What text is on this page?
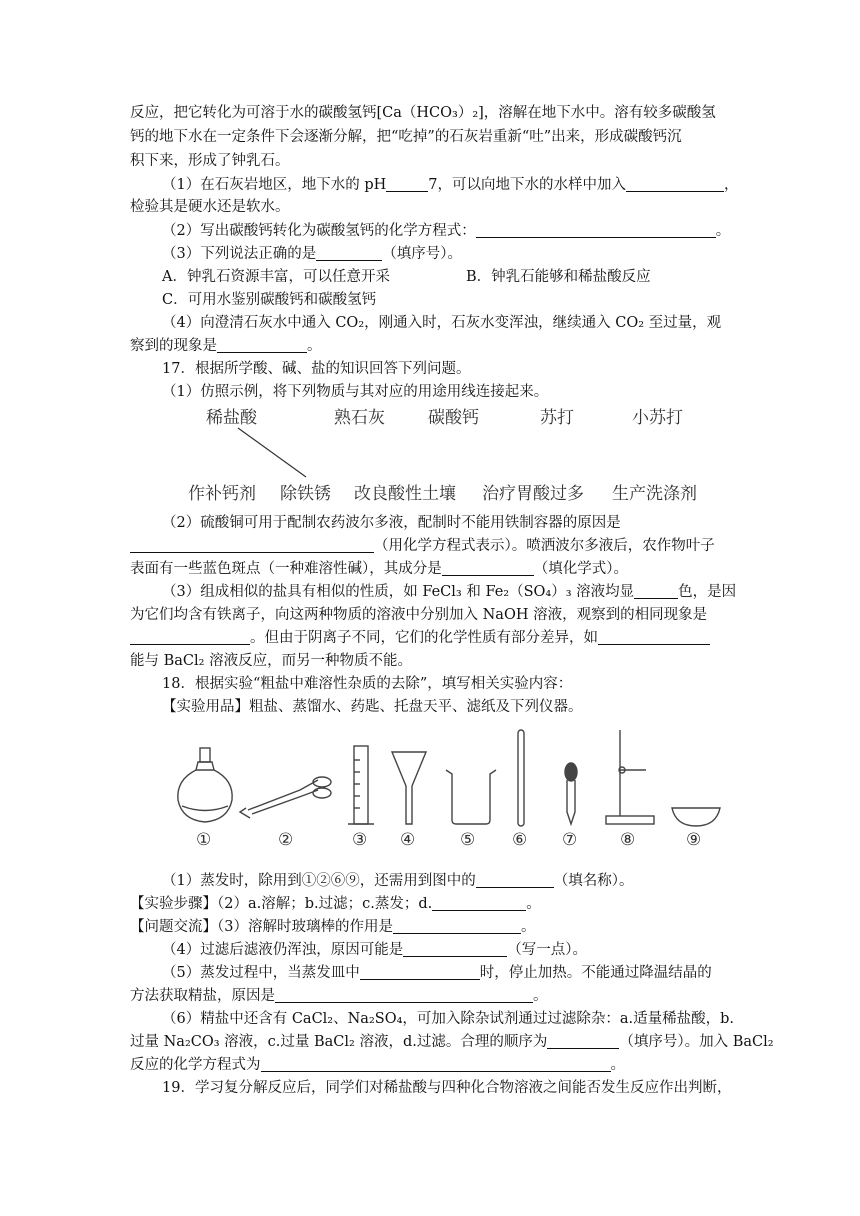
反应，把它转化为可溶于水的碳酸氢钙[Ca（HCO₃）₂]，溶解在地下水中。溶有较多碳酸氢
钙的地下水在一定条件下会逐渐分解，把“吃掉”的石灰岩重新“吐”出来，形成碳酸钙沉
积下来，形成了钟乳石。
（1）在石灰岩地区，地下水的 pH	7，可以向地下水的水样中加入	，
检验其是硬水还是软水。
（2）写出碳酸钙转化为碳酸氢钙的化学方程式：	。
（3）下列说法正确的是	（填序号）。
A．钟乳石资源丰富，可以任意开采	B．钟乳石能够和稀盐酸反应
C．可用水鉴别碳酸钙和碳酸氢钙
（4）向澄清石灰水中通入 CO₂，刚通入时，石灰水变浑浊，继续通入 CO₂ 至过量，观
察到的现象是	。
17．根据所学酸、碱、盐的知识回答下列问题。
（1）仿照示例，将下列物质与其对应的用途用线连接起来。
稀盐酸	熟石灰	碳酸钙	苏打	小苏打
作补钙剂 除铁锈 改良酸性土壤 治疗胃酸过多 生产洗涤剂
（2）硫酸铜可用于配制农药波尔多液，配制时不能用铁制容器的原因是
（用化学方程式表示）。喷洒波尔多液后，农作物叶子
表面有一些蓝色斑点（一种难溶性碱），其成分是	（填化学式）。
（3）组成相似的盐具有相似的性质，如 FeCl₃ 和 Fe₂（SO₄）₃ 溶液均显	色，是因
为它们均含有铁离子，向这两种物质的溶液中分别加入 NaOH 溶液，观察到的相同现象是
。但由于阴离子不同，它们的化学性质有部分差异，如
能与 BaCl₂ 溶液反应，而另一种物质不能。
18．根据实验“粗盐中难溶性杂质的去除”，填写相关实验内容：
【实验用品】粗盐、蒸馏水、药匙、托盘天平、滤纸及下列仪器。
①	②	③ ④	⑤ ⑥ ⑦	⑧	⑨
（1）蒸发时，除用到①②⑥⑨，还需用到图中的	（填名称）。
【实验步骤】（2）a.溶解；b.过滤；c.蒸发；d.	。
【问题交流】（3）溶解时玻璃棒的作用是	。
（4）过滤后滤液仍浑浊，原因可能是	（写一点）。
（5）蒸发过程中，当蒸发皿中	时，停止加热。不能通过降温结晶的
方法获取精盐，原因是	。
（6）精盐中还含有 CaCl₂、Na₂SO₄，可加入除杂试剂通过过滤除杂：a.适量稀盐酸，b.
过量 Na₂CO₃ 溶液，c.过量 BaCl₂ 溶液，d.过滤。合理的顺序为	（填序号）。加入 BaCl₂
反应的化学方程式为	。
19．学习复分解反应后，同学们对稀盐酸与四种化合物溶液之间能否发生反应作出判断，
